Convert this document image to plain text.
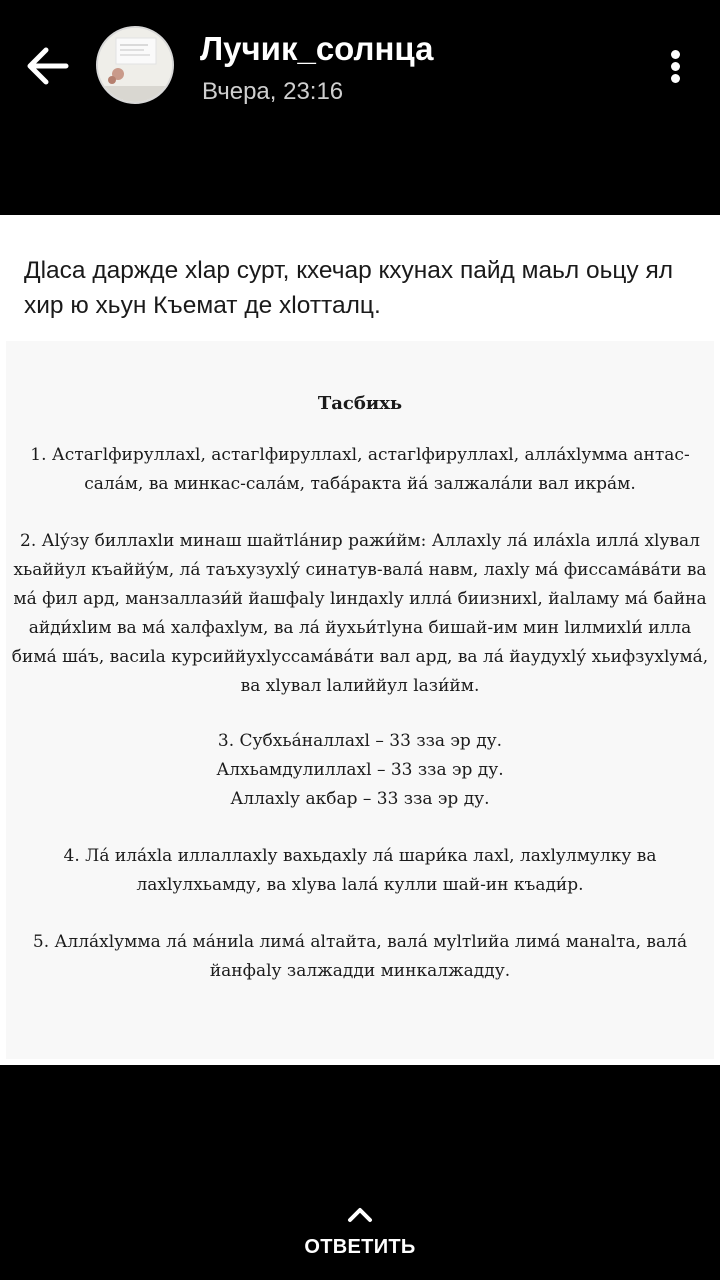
Лучик_солнца
Вчера, 23:16
Дlаса даржде хlар сурт, кхечар кхунах пайд маьл оьцу ял хир ю хьун Къемат де хlотталц.
Тасбихь

1. Астагlфируллахl, астагlфируллахl, астагlфируллахl, алла́хlумма антас-сала́м, ва минкас-сала́м, таба́ракта йа́ залжала́ли вал икра́м.

2. Аlу́зу биллахlи минаш шайтlа́нир ражи́йм: Аллахlу ла́ ила́хlа илла́ хlувал хьаййул къаййу́м, ла́ таъхузухlу́ синатув-вала́ навм, лахlу ма́ фиссама́ва́ти ва ма́ фил ард, манзаллази́й йашфаlу lиндахlу илла́ биизнихl, йаlламу ма́ байна айди́хlим ва ма́ халфахlум, ва ла́ йухьи́тlуна бишай-им мин lилмихlи́ илла бима́ ша́ъ, васиlа курсиййухlуссама́ва́ти вал ард, ва ла́ йаудухlу́ хьифзухlума́, ва хlувал lалиййул lази́йм.

3. Субхьа́наллахl – 33 зза эр ду.
Алхьамдулиллахl – 33 зза эр ду.
Аллахlу акбар – 33 зза эр ду.

4. Ла́ ила́хlа иллаллахlу вахьдахlу ла́ шари́ка лахl, лахlулмулку ва лахlулхьамду, ва хlува lала́ кулли шай-ин къади́р.

5. Алла́хlумма ла́ ма́ниlа лима́ аlтайта, вала́ муlтlийа лима́ манаlта, вала́ йанфаlу залжадди минкалжадду.

ОТВЕТИТЬ
